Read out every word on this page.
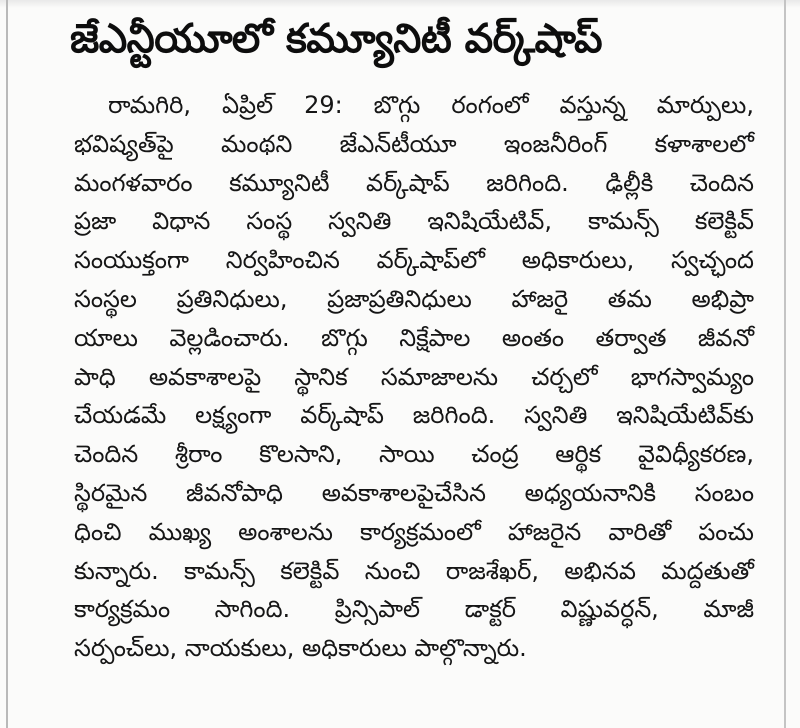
జేఎన్టీయూలో కమ్యూనిటీ వర్క్‌షాప్
రామగిరి, ఏప్రిల్ 29: బొగ్గు రంగంలో వస్తున్న మార్పులు,
భవిష్యత్‌పై మంథని జేఎన్‌టీయూ ఇంజనీరింగ్ కళాశాలలో
మంగళవారం కమ్యూనిటీ వర్క్‌షాప్ జరిగింది. ఢిల్లీకి చెందిన
ప్రజా విధాన సంస్థ స్వనితి ఇనిషియేటివ్, కామన్స్ కలెక్టివ్
సంయుక్తంగా నిర్వహించిన వర్క్‌షాప్‌లో అధికారులు, స్వచ్ఛంద
సంస్థల ప్రతినిధులు, ప్రజాప్రతినిధులు హాజరై తమ అభిప్రా
యాలు వెల్లడించారు. బొగ్గు నిక్షేపాల అంతం తర్వాత జీవనో
పాధి అవకాశాలపై స్థానిక సమాజాలను చర్చలో భాగస్వామ్యం
చేయడమే లక్ష్యంగా వర్క్‌షాప్ జరిగింది. స్వనితి ఇనిషియేటివ్‌కు
చెందిన శ్రీరాం కొలసాని, సాయి చంద్ర ఆర్థిక వైవిధ్యీకరణ,
స్థిరమైన జీవనోపాధి అవకాశాలపైచేసిన అధ్యయనానికి సంబం
ధించి ముఖ్య అంశాలను కార్యక్రమంలో హాజరైన వారితో పంచు
కున్నారు. కామన్స్ కలెక్టివ్ నుంచి రాజశేఖర్, అభినవ మద్దతుతో
కార్యక్రమం సాగింది. ప్రిన్సిపాల్ డాక్టర్ విష్ణువర్ధన్, మాజీ
సర్పంచ్‌లు, నాయకులు, అధికారులు పాల్గొన్నారు.
